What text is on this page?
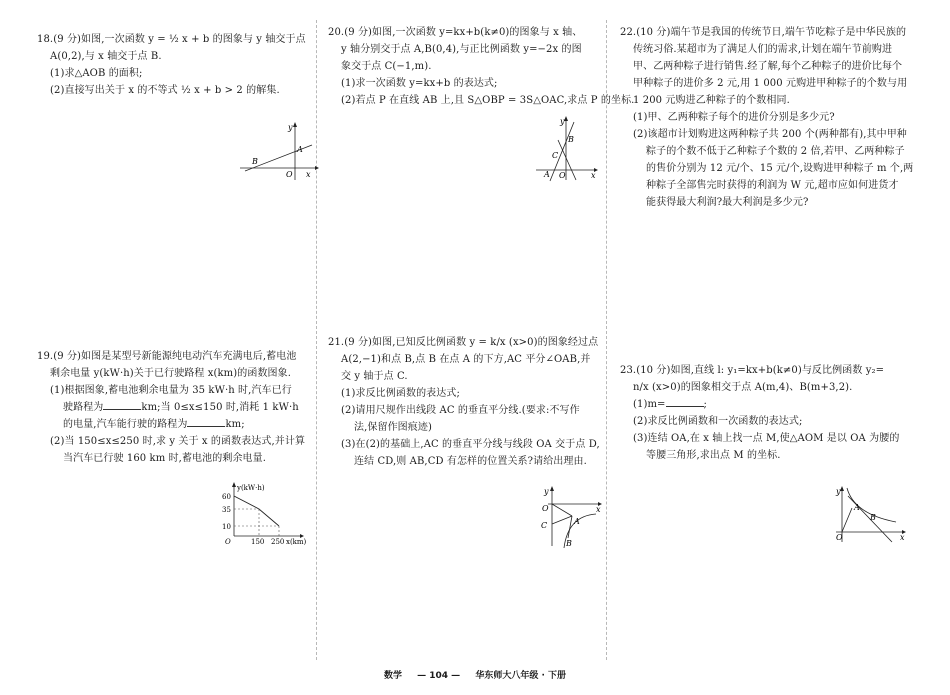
18.(9 分)如图,一次函数 y = ½ x + b 的图象与 y 轴交于点

A(0,2),与 x 轴交于点 B.

(1)求△AOB 的面积;

(2)直接写出关于 x 的不等式 ½ x + b > 2 的解集.

y
A
B
O x

19.(9 分)如图是某型号新能源纯电动汽车充满电后,蓄电池

剩余电量 y(kW·h)关于已行驶路程 x(km)的函数图象.

(1)根据图象,蓄电池剩余电量为 35 kW·h 时,汽车已行

驶路程为	km;当 0≤x≤150 时,消耗 1 kW·h

的电量,汽车能行驶的路程为	km;

(2)当 150≤x≤250 时,求 y 关于 x 的函数表达式,并计算

当汽车已行驶 160 km 时,蓄电池的剩余电量.

y(kW·h)
60
35
10
O	150 250 x(km)

20.(9 分)如图,一次函数 y=kx+b(k≠0)的图象与 x 轴、

y 轴分别交于点 A,B(0,4),与正比例函数 y=−2x 的图

象交于点 C(−1,m).

(1)求一次函数 y=kx+b 的表达式;

(2)若点 P 在直线 AB 上,且 S△OBP = 3S△OAC,求点 P 的坐标.

y
B
C
A O	x

21.(9 分)如图,已知反比例函数 y = k/x (x>0)的图象经过点

A(2,−1)和点 B,点 B 在点 A 的下方,AC 平分∠OAB,并

交 y 轴于点 C.

(1)求反比例函数的表达式;

(2)请用尺规作出线段 AC 的垂直平分线.(要求:不写作

法,保留作图痕迹)

(3)在(2)的基础上,AC 的垂直平分线与线段 OA 交于点 D,

连结 CD,则 AB,CD 有怎样的位置关系?请给出理由.

y
O
C	A
B
x

22.(10 分)端午节是我国的传统节日,端午节吃粽子是中华民族的

传统习俗.某超市为了满足人们的需求,计划在端午节前购进

甲、乙两种粽子进行销售.经了解,每个乙种粽子的进价比每个

甲种粽子的进价多 2 元,用 1 000 元购进甲种粽子的个数与用

1 200 元购进乙种粽子的个数相同.

(1)甲、乙两种粽子每个的进价分别是多少元?

(2)该超市计划购进这两种粽子共 200 个(两种都有),其中甲种

粽子的个数不低于乙种粽子个数的 2 倍,若甲、乙两种粽子

的售价分别为 12 元/个、15 元/个,设购进甲种粽子 m 个,两

种粽子全部售完时获得的利润为 W 元,超市应如何进货才

能获得最大利润?最大利润是多少元?

23.(10 分)如图,直线 l: y₁=kx+b(k≠0)与反比例函数 y₂=

n/x (x>0)的图象相交于点 A(m,4)、B(m+3,2).

(1)m=	;

(2)求反比例函数和一次函数的表达式;

(3)连结 OA,在 x 轴上找一点 M,使△AOM 是以 OA 为腰的

等腰三角形,求出点 M 的坐标.

y
A
B
O	x
数学 — 104 — 华东师大八年级 · 下册
